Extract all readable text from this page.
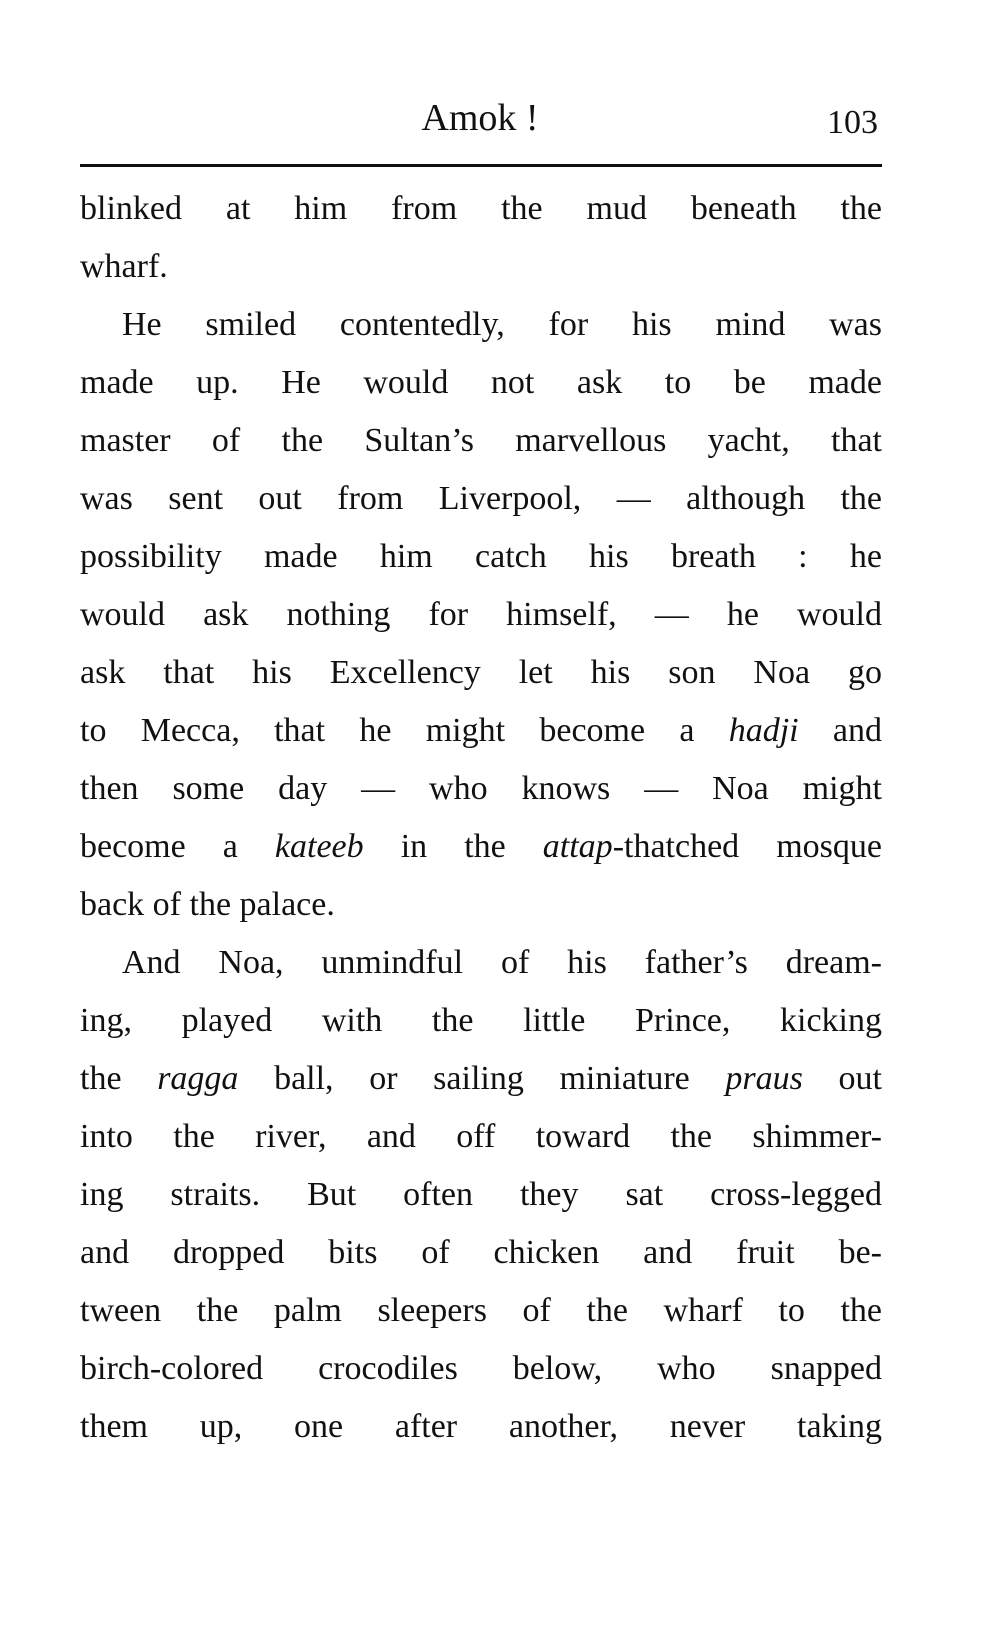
Amok !	103
blinked at him from the mud beneath the
wharf.
He smiled contentedly, for his mind was
made up. He would not ask to be made
master of the Sultan’s marvellous yacht, that
was sent out from Liverpool, — although the
possibility made him catch his breath : he
would ask nothing for himself, — he would
ask that his Excellency let his son Noa go
to Mecca, that he might become a hadji and
then some day — who knows — Noa might
become a kateeb in the attap-thatched mosque
back of the palace.
And Noa, unmindful of his father’s dream-
ing, played with the little Prince, kicking
the ragga ball, or sailing miniature praus out
into the river, and off toward the shimmer-
ing straits. But often they sat cross-legged
and dropped bits of chicken and fruit be-
tween the palm sleepers of the wharf to the
birch-colored crocodiles below, who snapped
them up, one after another, never taking
